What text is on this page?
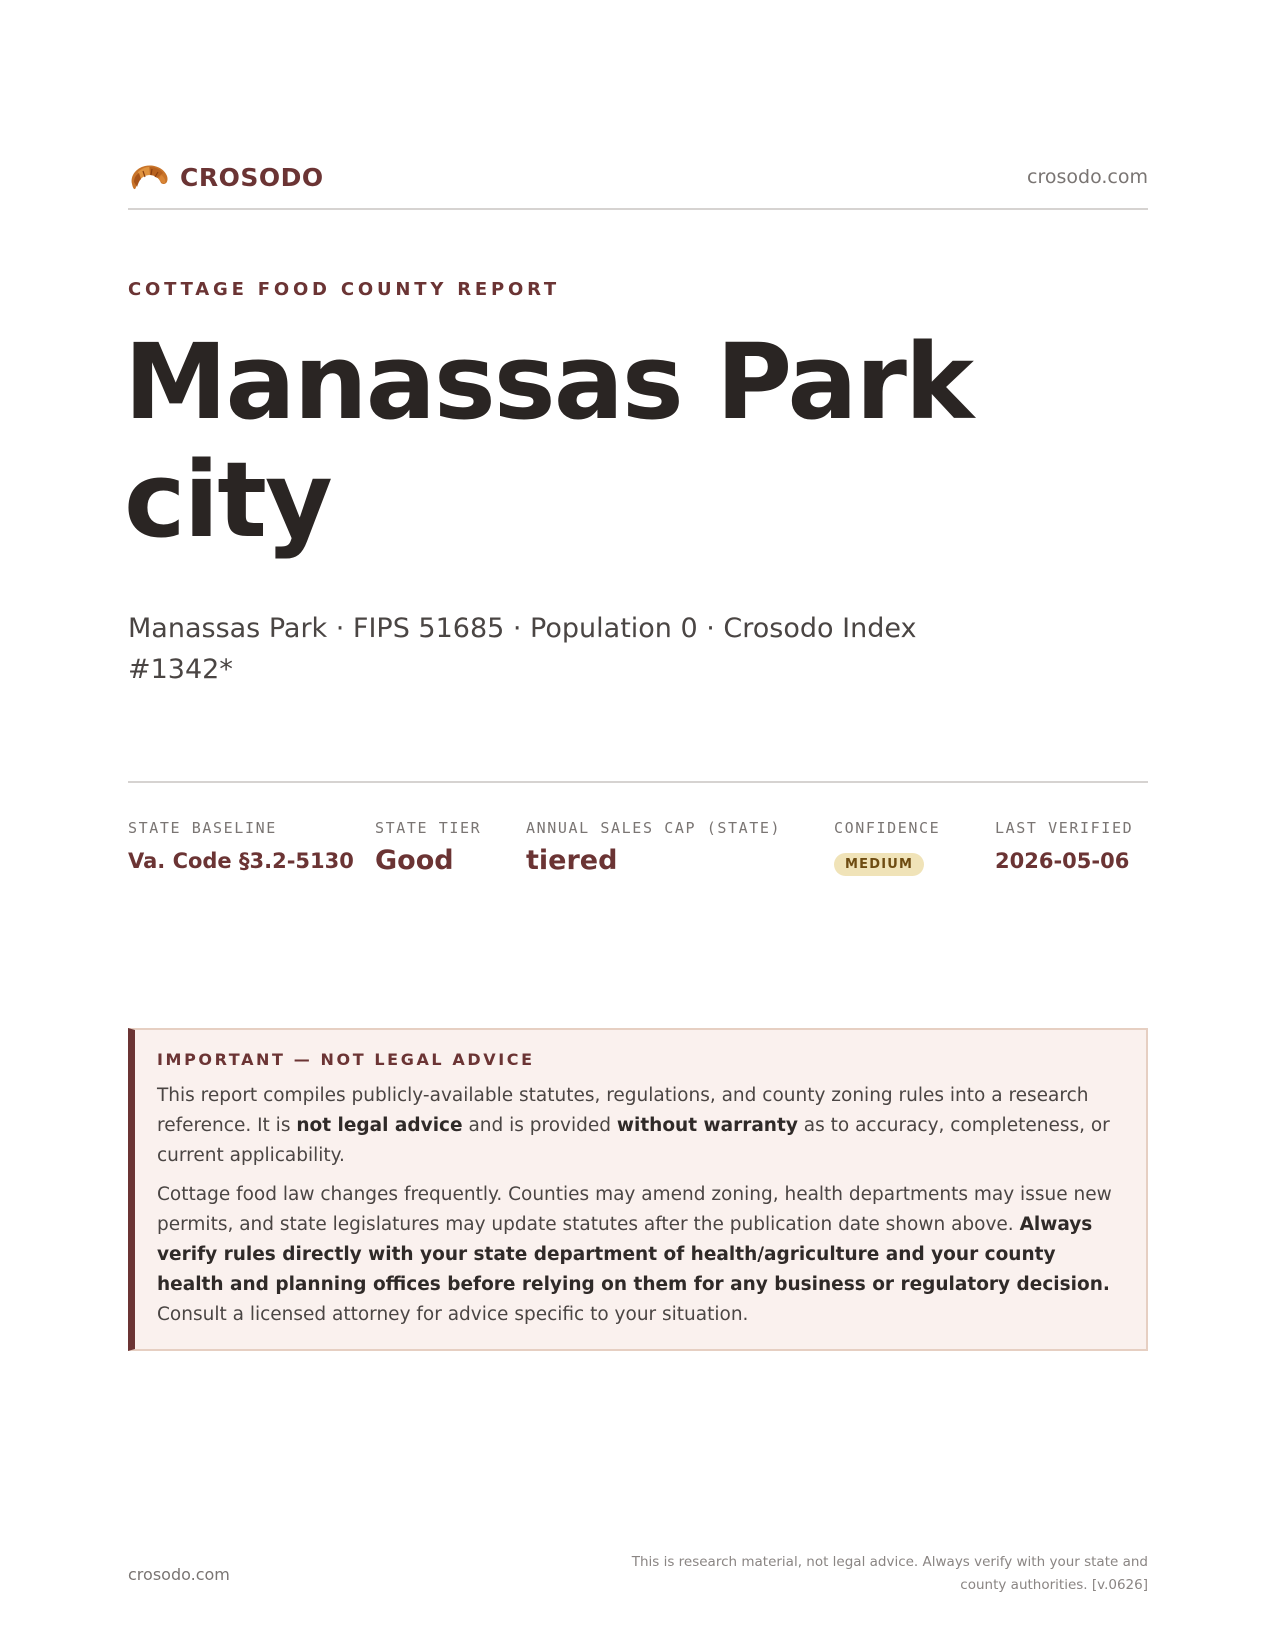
CROSODO	crosodo.com
COTTAGE FOOD COUNTY REPORT
Manassas Park
city
Manassas Park · FIPS 51685 · Population 0 · Crosodo Index #1342*
STATE BASELINE
Va. Code §3.2-5130
STATE TIER
Good
ANNUAL SALES CAP (STATE)
tiered
CONFIDENCE
MEDIUM
LAST VERIFIED
2026-05-06
IMPORTANT — NOT LEGAL ADVICE

This report compiles publicly-available statutes, regulations, and county zoning rules into a research reference. It is not legal advice and is provided without warranty as to accuracy, completeness, or current applicability.

Cottage food law changes frequently. Counties may amend zoning, health departments may issue new permits, and state legislatures may update statutes after the publication date shown above. Always verify rules directly with your state department of health/agriculture and your county health and planning offices before relying on them for any business or regulatory decision. Consult a licensed attorney for advice specific to your situation.

crosodo.com
This is research material, not legal advice. Always verify with your state and county authorities. [v.0626]
